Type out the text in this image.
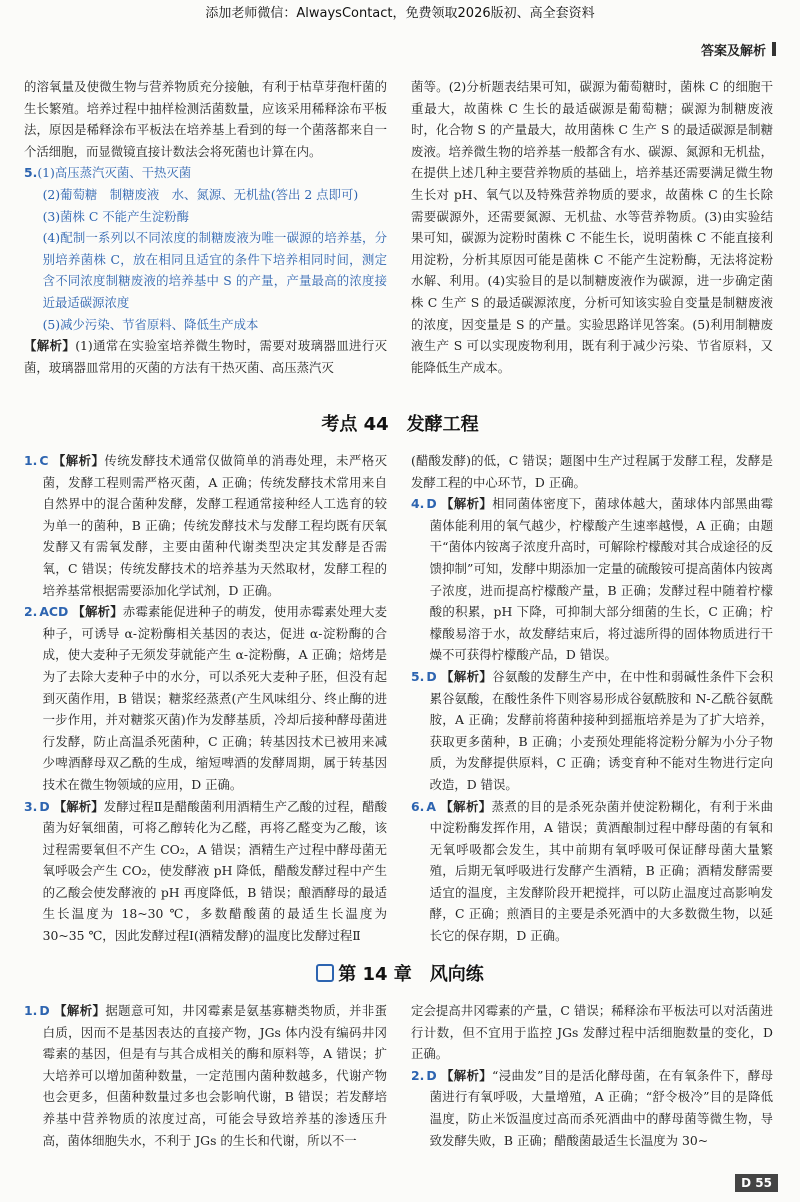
添加老师微信：AlwaysContact，免费领取2026版初、高全套资料
答案及解析

的溶氧量及使微生物与营养物质充分接触，有利于枯草芽孢杆菌的生长繁殖。培养过程中抽样检测活菌数量，应该采用稀释涂布平板法，原因是稀释涂布平板法在培养基上看到的每一个菌落都来自一个活细胞，而显微镜直接计数法会将死菌也计算在内。

5.(1)高压蒸汽灭菌、干热灭菌

(2)葡萄糖　制糖废液　水、氮源、无机盐(答出 2 点即可)

(3)菌株 C 不能产生淀粉酶

(4)配制一系列以不同浓度的制糖废液为唯一碳源的培养基，分别培养菌株 C，放在相同且适宜的条件下培养相同时间，测定含不同浓度制糖废液的培养基中 S 的产量，产量最高的浓度接近最适碳源浓度

(5)减少污染、节省原料、降低生产成本

【解析】(1)通常在实验室培养微生物时，需要对玻璃器皿进行灭菌，玻璃器皿常用的灭菌的方法有干热灭菌、高压蒸汽灭

菌等。(2)分析题表结果可知，碳源为葡萄糖时，菌株 C 的细胞干重最大，故菌株 C 生长的最适碳源是葡萄糖；碳源为制糖废液时，化合物 S 的产量最大，故用菌株 C 生产 S 的最适碳源是制糖废液。培养微生物的培养基一般都含有水、碳源、氮源和无机盐，在提供上述几种主要营养物质的基础上，培养基还需要满足微生物生长对 pH、氧气以及特殊营养物质的要求，故菌株 C 的生长除需要碳源外，还需要氮源、无机盐、水等营养物质。(3)由实验结果可知，碳源为淀粉时菌株 C 不能生长，说明菌株 C 不能直接利用淀粉，分析其原因可能是菌株 C 不能产生淀粉酶，无法将淀粉水解、利用。(4)实验目的是以制糖废液作为碳源，进一步确定菌株 C 生产 S 的最适碳源浓度，分析可知该实验自变量是制糖废液的浓度，因变量是 S 的产量。实验思路详见答案。(5)利用制糖废液生产 S 可以实现废物利用，既有利于减少污染、节省原料，又能降低生产成本。

考点 44　发酵工程

1. C 【解析】传统发酵技术通常仅做简单的消毒处理，未严格灭菌，发酵工程则需严格灭菌，A 正确；传统发酵技术常用来自自然界中的混合菌种发酵，发酵工程通常接种经人工选育的较为单一的菌种，B 正确；传统发酵技术与发酵工程均既有厌氧发酵又有需氧发酵，主要由菌种代谢类型决定其发酵是否需氧，C 错误；传统发酵技术的培养基为天然取材，发酵工程的培养基常根据需要添加化学试剂，D 正确。

2. ACD 【解析】赤霉素能促进种子的萌发，使用赤霉素处理大麦种子，可诱导 α-淀粉酶相关基因的表达，促进 α-淀粉酶的合成，使大麦种子无须发芽就能产生 α-淀粉酶，A 正确；焙烤是为了去除大麦种子中的水分，可以杀死大麦种子胚，但没有起到灭菌作用，B 错误；糖浆经蒸煮(产生风味组分、终止酶的进一步作用，并对糖浆灭菌)作为发酵基质，冷却后接种酵母菌进行发酵，防止高温杀死菌种，C 正确；转基因技术已被用来减少啤酒酵母双乙酰的生成，缩短啤酒的发酵周期，属于转基因技术在微生物领域的应用，D 正确。

3. D 【解析】发酵过程Ⅱ是醋酸菌利用酒精生产乙酸的过程，醋酸菌为好氧细菌，可将乙醇转化为乙醛，再将乙醛变为乙酸，该过程需要氧但不产生 CO₂，A 错误；酒精生产过程中酵母菌无氧呼吸会产生 CO₂，使发酵液 pH 降低，醋酸发酵过程中产生的乙酸会使发酵液的 pH 再度降低，B 错误；酿酒酵母的最适生长温度为 18~30 ℃，多数醋酸菌的最适生长温度为 30~35 ℃，因此发酵过程Ⅰ(酒精发酵)的温度比发酵过程Ⅱ

(醋酸发酵)的低，C 错误；题图中生产过程属于发酵工程，发酵是发酵工程的中心环节，D 正确。

4. D 【解析】相同菌体密度下，菌球体越大，菌球体内部黑曲霉菌体能利用的氧气越少，柠檬酸产生速率越慢，A 正确；由题干“菌体内铵离子浓度升高时，可解除柠檬酸对其合成途径的反馈抑制”可知，发酵中期添加一定量的硫酸铵可提高菌体内铵离子浓度，进而提高柠檬酸产量，B 正确；发酵过程中随着柠檬酸的积累，pH 下降，可抑制大部分细菌的生长，C 正确；柠檬酸易溶于水，故发酵结束后，将过滤所得的固体物质进行干燥不可获得柠檬酸产品，D 错误。

5. D 【解析】谷氨酸的发酵生产中，在中性和弱碱性条件下会积累谷氨酸，在酸性条件下则容易形成谷氨酰胺和 N-乙酰谷氨酰胺，A 正确；发酵前将菌种接种到摇瓶培养是为了扩大培养，获取更多菌种，B 正确；小麦预处理能将淀粉分解为小分子物质，为发酵提供原料，C 正确；诱变育种不能对生物进行定向改造，D 错误。

6. A 【解析】蒸煮的目的是杀死杂菌并使淀粉糊化，有利于米曲中淀粉酶发挥作用，A 错误；黄酒酿制过程中酵母菌的有氧和无氧呼吸都会发生，其中前期有氧呼吸可保证酵母菌大量繁殖，后期无氧呼吸进行发酵产生酒精，B 正确；酒精发酵需要适宜的温度，主发酵阶段开耙搅拌，可以防止温度过高影响发酵，C 正确；煎酒目的主要是杀死酒中的大多数微生物，以延长它的保存期，D 正确。

第 14 章　风向练

1. D 【解析】据题意可知，井冈霉素是氨基寡糖类物质，并非蛋白质，因而不是基因表达的直接产物，JGs 体内没有编码井冈霉素的基因，但是有与其合成相关的酶和原料等，A 错误；扩大培养可以增加菌种数量，一定范围内菌种数越多，代谢产物也会更多，但菌种数量过多也会影响代谢，B 错误；若发酵培养基中营养物质的浓度过高，可能会导致培养基的渗透压升高，菌体细胞失水，不利于 JGs 的生长和代谢，所以不一

定会提高井冈霉素的产量，C 错误；稀释涂布平板法可以对活菌进行计数，但不宜用于监控 JGs 发酵过程中活细胞数量的变化，D 正确。

2. D 【解析】“浸曲发”目的是活化酵母菌，在有氧条件下，酵母菌进行有氧呼吸，大量增殖，A 正确；“舒令极冷”目的是降低温度，防止米饭温度过高而杀死酒曲中的酵母菌等微生物，导致发酵失败，B 正确；醋酸菌最适生长温度为 30~

D 55
